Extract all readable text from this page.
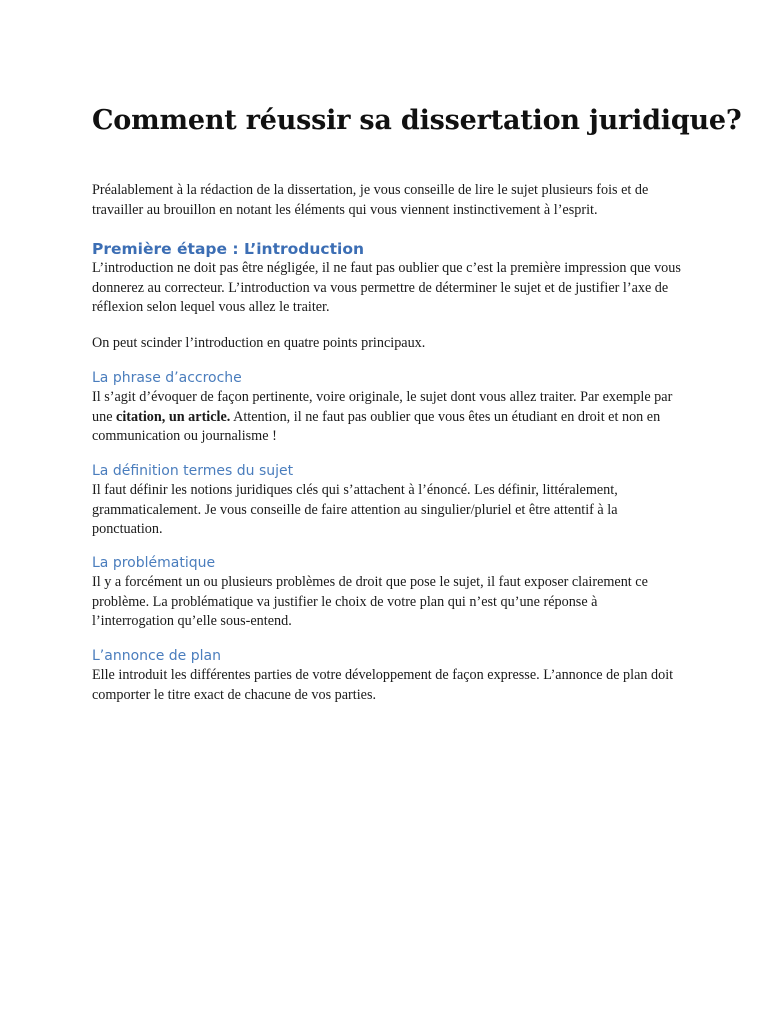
Comment réussir sa dissertation juridique?

Préalablement à la rédaction de la dissertation, je vous conseille de lire le sujet plusieurs fois et de travailler au brouillon en notant les éléments qui vous viennent instinctivement à l’esprit.

Première étape : L’introduction

L’introduction ne doit pas être négligée, il ne faut pas oublier que c’est la première impression que vous donnerez au correcteur. L’introduction va vous permettre de déterminer le sujet et de justifier l’axe de réflexion selon lequel vous allez le traiter.

On peut scinder l’introduction en quatre points principaux.

La phrase d’accroche

Il s’agit d’évoquer de façon pertinente, voire originale, le sujet dont vous allez traiter. Par exemple par une citation, un article. Attention, il ne faut pas oublier que vous êtes un étudiant en droit et non en communication ou journalisme !

La définition termes du sujet

Il faut définir les notions juridiques clés qui s’attachent à l’énoncé. Les définir, littéralement, grammaticalement. Je vous conseille de faire attention au singulier/pluriel et être attentif à la ponctuation.

La problématique

Il y a forcément un ou plusieurs problèmes de droit que pose le sujet, il faut exposer clairement ce problème. La problématique va justifier le choix de votre plan qui n’est qu’une réponse à l’interrogation qu’elle sous-entend.

L’annonce de plan

Elle introduit les différentes parties de votre développement de façon expresse. L’annonce de plan doit comporter le titre exact de chacune de vos parties.
